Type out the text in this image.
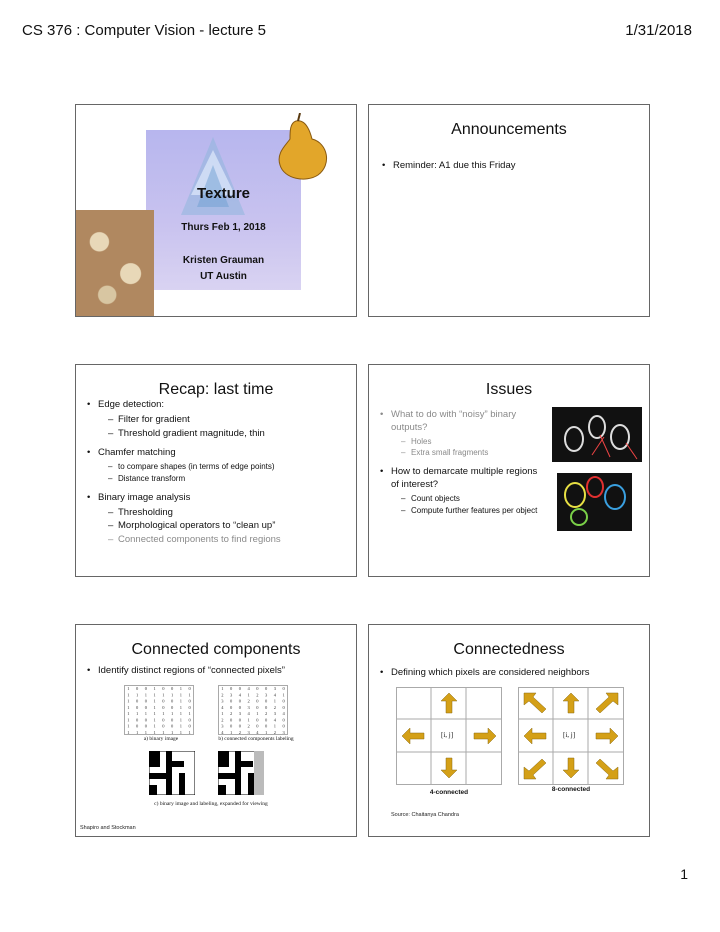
CS 376 : Computer Vision - lecture 5	1/31/2018
Texture
Thurs Feb 1, 2018
Kristen Grauman
UT Austin
Announcements
• Reminder: A1 due this Friday
Recap: last time
• Edge detection:
– Filter for gradient
– Threshold gradient magnitude, thin
• Chamfer matching
– to compare shapes (in terms of edge points)
– Distance transform
• Binary image analysis
– Thresholding
– Morphological operators to “clean up”
– Connected components to find regions
Issues
• What to do with “noisy” binary outputs?
– Holes
– Extra small fragments
• How to demarcate multiple regions of interest?
– Count objects
– Compute further features per object
Connected components
• Identify distinct regions of “connected pixels”
1 0 0 1 0 0 1 0
1 1 1 1 1 1 1 1
1 0 0 1 0 0 1 0
1 0 0 1 0 0 1 0
1 1 1 1 1 1 1 1
1 0 0 1 0 0 1 0
1 0 0 1 0 0 1 0
1 1 1 1 1 1 1 1
1 0 0 4 0 0 3 0
2 3 4 1 2 3 4 1
3 0 0 2 0 0 1 0
4 0 0 3 0 0 2 0
1 2 3 4 1 2 3 4
2 0 0 1 0 0 4 0
3 0 0 2 0 0 1 0
4 1 2 3 4 1 2 3
a) binary image	b) connected components labeling
c) binary image and labeling, expanded for viewing
Shapiro and Stockman
Connectedness
• Defining which pixels are considered neighbors
[i, j]	[i, j]
4-connected	8-connected
Source: Chaitanya Chandra
1
